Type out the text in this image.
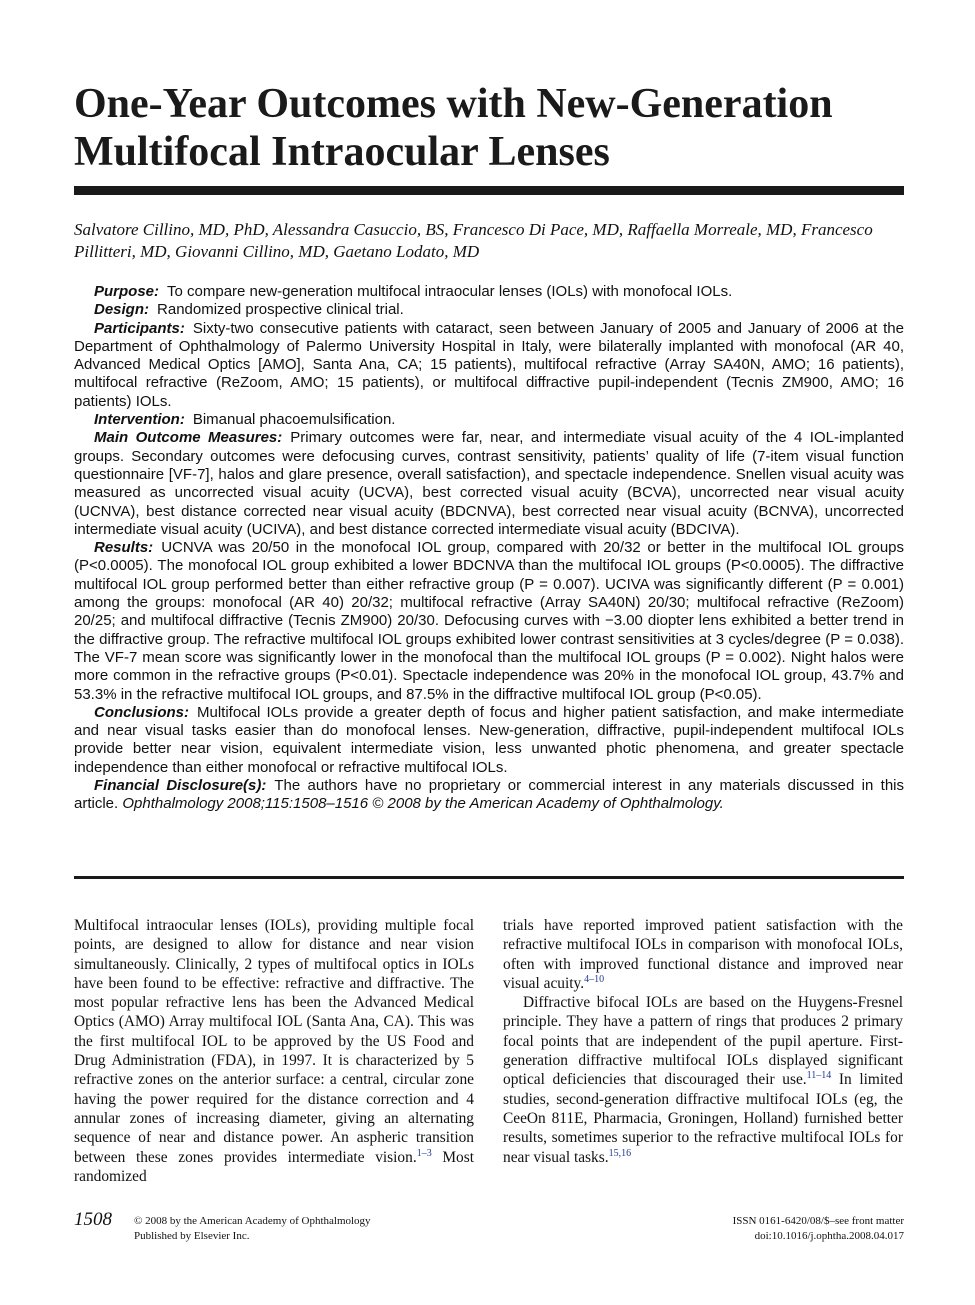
One-Year Outcomes with New-Generation Multifocal Intraocular Lenses
Salvatore Cillino, MD, PhD, Alessandra Casuccio, BS, Francesco Di Pace, MD, Raffaella Morreale, MD, Francesco Pillitteri, MD, Giovanni Cillino, MD, Gaetano Lodato, MD

Purpose: To compare new-generation multifocal intraocular lenses (IOLs) with monofocal IOLs.

Design: Randomized prospective clinical trial.

Participants: Sixty-two consecutive patients with cataract, seen between January of 2005 and January of 2006 at the Department of Ophthalmology of Palermo University Hospital in Italy, were bilaterally implanted with monofocal (AR 40, Advanced Medical Optics [AMO], Santa Ana, CA; 15 patients), multifocal refractive (Array SA40N, AMO; 16 patients), multifocal refractive (ReZoom, AMO; 15 patients), or multifocal diffractive pupil-independent (Tecnis ZM900, AMO; 16 patients) IOLs.

Intervention: Bimanual phacoemulsification.

Main Outcome Measures: Primary outcomes were far, near, and intermediate visual acuity of the 4 IOL-implanted groups. Secondary outcomes were defocusing curves, contrast sensitivity, patients’ quality of life (7-item visual function questionnaire [VF-7], halos and glare presence, overall satisfaction), and spectacle independence. Snellen visual acuity was measured as uncorrected visual acuity (UCVA), best corrected visual acuity (BCVA), uncorrected near visual acuity (UCNVA), best distance corrected near visual acuity (BDCNVA), best corrected near visual acuity (BCNVA), uncorrected intermediate visual acuity (UCIVA), and best distance corrected intermediate visual acuity (BDCIVA).

Results: UCNVA was 20/50 in the monofocal IOL group, compared with 20/32 or better in the multifocal IOL groups (P<0.0005). The monofocal IOL group exhibited a lower BDCNVA than the multifocal IOL groups (P<0.0005). The diffractive multifocal IOL group performed better than either refractive group (P = 0.007). UCIVA was significantly different (P = 0.001) among the groups: monofocal (AR 40) 20/32; multifocal refractive (Array SA40N) 20/30; multifocal refractive (ReZoom) 20/25; and multifocal diffractive (Tecnis ZM900) 20/30. Defocusing curves with −3.00 diopter lens exhibited a better trend in the diffractive group. The refractive multifocal IOL groups exhibited lower contrast sensitivities at 3 cycles/degree (P = 0.038). The VF-7 mean score was significantly lower in the monofocal than the multifocal IOL groups (P = 0.002). Night halos were more common in the refractive groups (P<0.01). Spectacle independence was 20% in the monofocal IOL group, 43.7% and 53.3% in the refractive multifocal IOL groups, and 87.5% in the diffractive multifocal IOL group (P<0.05).

Conclusions: Multifocal IOLs provide a greater depth of focus and higher patient satisfaction, and make intermediate and near visual tasks easier than do monofocal lenses. New-generation, diffractive, pupil-independent multifocal IOLs provide better near vision, equivalent intermediate vision, less unwanted photic phenomena, and greater spectacle independence than either monofocal or refractive multifocal IOLs.

Financial Disclosure(s): The authors have no proprietary or commercial interest in any materials discussed in this article. Ophthalmology 2008;115:1508–1516 © 2008 by the American Academy of Ophthalmology.

Multifocal intraocular lenses (IOLs), providing multiple focal points, are designed to allow for distance and near vision simultaneously. Clinically, 2 types of multifocal optics in IOLs have been found to be effective: refractive and diffractive. The most popular refractive lens has been the Advanced Medical Optics (AMO) Array multifocal IOL (Santa Ana, CA). This was the first multifocal IOL to be approved by the US Food and Drug Administration (FDA), in 1997. It is characterized by 5 refractive zones on the anterior surface: a central, circular zone having the power required for the distance correction and 4 annular zones of increasing diameter, giving an alternating sequence of near and distance power. An aspheric transition between these zones provides intermediate vision.$^{1-3}$ Most randomized

trials have reported improved patient satisfaction with the refractive multifocal IOLs in comparison with monofocal IOLs, often with improved functional distance and improved near visual acuity.$^{4-10}$

Diffractive bifocal IOLs are based on the Huygens-Fresnel principle. They have a pattern of rings that produces 2 primary focal points that are independent of the pupil aperture. First-generation diffractive multifocal IOLs displayed significant optical deficiencies that discouraged their use.$^{11-14}$ In limited studies, second-generation diffractive multifocal IOLs (eg, the CeeOn 811E, Pharmacia, Groningen, Holland) furnished better results, sometimes superior to the refractive multifocal IOLs for near visual tasks.$^{15,16}$

1508 © 2008 by the American Academy of Ophthalmology
Published by Elsevier Inc.
ISSN 0161-6420/08/$–see front matter
doi:10.1016/j.ophtha.2008.04.017
